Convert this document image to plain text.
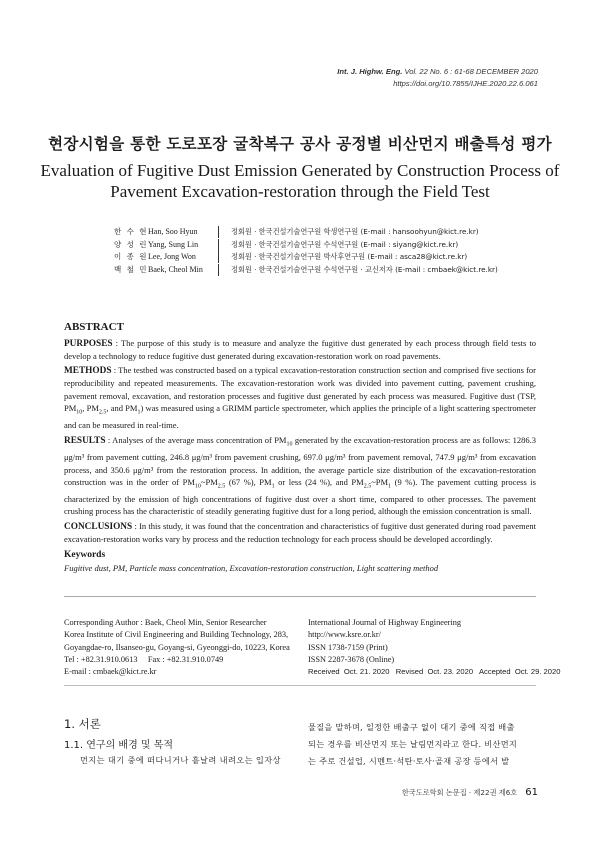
Int. J. Highw. Eng. Vol. 22 No. 6 : 61-68 DECEMBER 2020
https://doi.org/10.7855/IJHE.2020.22.6.061
현장시험을 통한 도로포장 굴착복구 공사 공정별 비산먼지 배출특성 평가
Evaluation of Fugitive Dust Emission Generated by Construction Process of
Pavement Excavation-restoration through the Field Test
한 수 현 Han, Soo Hyun	정회원 · 한국건설기술연구원 학생연구원 (E-mail : hansoohyun@kict.re.kr)
양 성 린 Yang, Sung Lin	정회원 · 한국건설기술연구원 수석연구원 (E-mail : siyang@kict.re.kr)
이 종 원 Lee, Jong Won	정회원 · 한국건설기술연구원 박사후연구원 (E-mail : asca28@kict.re.kr)
백 철 민 Baek, Cheol Min	정회원 · 한국건설기술연구원 수석연구원 · 교신저자 (E-mail : cmbaek@kict.re.kr)
ABSTRACT
PURPOSES : The purpose of this study is to measure and analyze the fugitive dust generated by each process through field tests to develop a technology to reduce fugitive dust generated during excavation-restoration work on road pavements.
METHODS : The testbed was constructed based on a typical excavation-restoration construction section and comprised five sections for reproducibility and repeated measurements. The excavation-restoration work was divided into pavement cutting, pavement crushing, pavement removal, excavation, and restoration processes and fugitive dust generated by each process was measured. Fugitive dust (TSP, $PM_{10}$, $PM_{2.5}$, and $PM_1$) was measured using a GRIMM particle spectrometer, which applies the principle of a light scattering spectrometer and can be measured in real-time.
RESULTS : Analyses of the average mass concentration of $PM_{10}$ generated by the excavation-restoration process are as follows: 1286.3 μg/m³ from pavement cutting, 246.8 μg/m³ from pavement crushing, 697.0 μg/m³ from pavement removal, 747.9 μg/m³ from excavation process, and 350.6 μg/m³ from the restoration process. In addition, the average particle size distribution of the excavation-restoration construction was in the order of $PM_{10}\sim PM_{2.5}$ (67 %), $PM_1$ or less (24 %), and $PM_{2.5}\sim PM_1$ (9 %). The pavement cutting process is characterized by the emission of high concentrations of fugitive dust over a short time, compared to other processes. The pavement crushing process has the characteristic of steadily generating fugitive dust for a long period, although the emission concentration is small.
CONCLUSIONS : In this study, it was found that the concentration and characteristics of fugitive dust generated during road pavement excavation-restoration works vary by process and the reduction technology for each process should be developed accordingly.
Keywords
Fugitive dust, PM, Particle mass concentration, Excavation-restoration construction, Light scattering method
Corresponding Author : Baek, Cheol Min, Senior Researcher
Korea Institute of Civil Engineering and Building Technology, 283,
Goyangdae-ro, Ilsanseo-gu, Goyang-si, Gyeonggi-do, 10223, Korea
Tel : +82.31.910.0613     Fax : +82.31.910.0749
E-mail : cmbaek@kict.re.kr
International Journal of Highway Engineering
http://www.ksre.or.kr/
ISSN 1738-7159 (Print)
ISSN 2287-3678 (Online)
Received  Oct. 21. 2020   Revised  Oct. 23. 2020   Accepted  Oct. 29. 2020
1. 서론
1.1. 연구의 배경 및 목적
먼지는 대기 중에 떠다니거나 흩날려 내려오는 입자상
물질을 말하며, 일정한 배출구 없이 대기 중에 직접 배출
되는 경우를 비산먼지 또는 날림먼지라고 한다. 비산먼지
는 주로 건설업, 시멘트·석탄·토사·골재 공장 등에서 발
한국도로학회 논문집 · 제22권 제6호 61
